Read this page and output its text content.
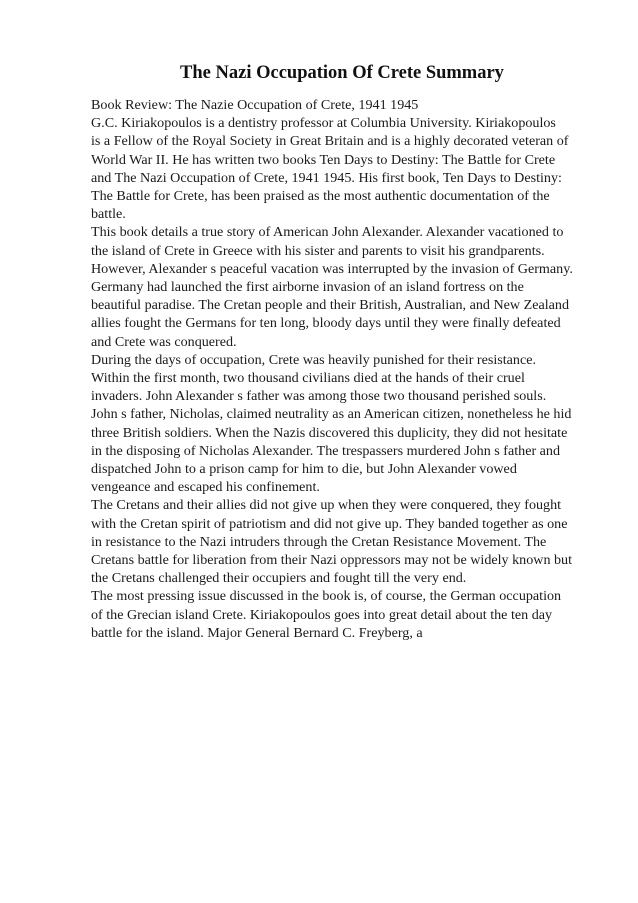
The Nazi Occupation Of Crete Summary
Book Review: The Nazie Occupation of Crete, 1941 1945
G.C. Kiriakopoulos is a dentistry professor at Columbia University. Kiriakopoulos
is a Fellow of the Royal Society in Great Britain and is a highly decorated veteran of
World War II. He has written two books Ten Days to Destiny: The Battle for Crete
and The Nazi Occupation of Crete, 1941 1945. His first book, Ten Days to Destiny:
The Battle for Crete, has been praised as the most authentic documentation of the
battle.
This book details a true story of American John Alexander. Alexander vacationed to
the island of Crete in Greece with his sister and parents to visit his grandparents.
However, Alexander s peaceful vacation was interrupted by the invasion of Germany.
Germany had launched the first airborne invasion of an island fortress on the
beautiful paradise. The Cretan people and their British, Australian, and New Zealand
allies fought the Germans for ten long, bloody days until they were finally defeated
and Crete was conquered.
During the days of occupation, Crete was heavily punished for their resistance.
Within the first month, two thousand civilians died at the hands of their cruel
invaders. John Alexander s father was among those two thousand perished souls.
John s father, Nicholas, claimed neutrality as an American citizen, nonetheless he hid
three British soldiers. When the Nazis discovered this duplicity, they did not hesitate
in the disposing of Nicholas Alexander. The trespassers murdered John s father and
dispatched John to a prison camp for him to die, but John Alexander vowed
vengeance and escaped his confinement.
The Cretans and their allies did not give up when they were conquered, they fought
with the Cretan spirit of patriotism and did not give up. They banded together as one
in resistance to the Nazi intruders through the Cretan Resistance Movement. The
Cretans battle for liberation from their Nazi oppressors may not be widely known but
the Cretans challenged their occupiers and fought till the very end.
The most pressing issue discussed in the book is, of course, the German occupation
of the Grecian island Crete. Kiriakopoulos goes into great detail about the ten day
battle for the island. Major General Bernard C. Freyberg, a
